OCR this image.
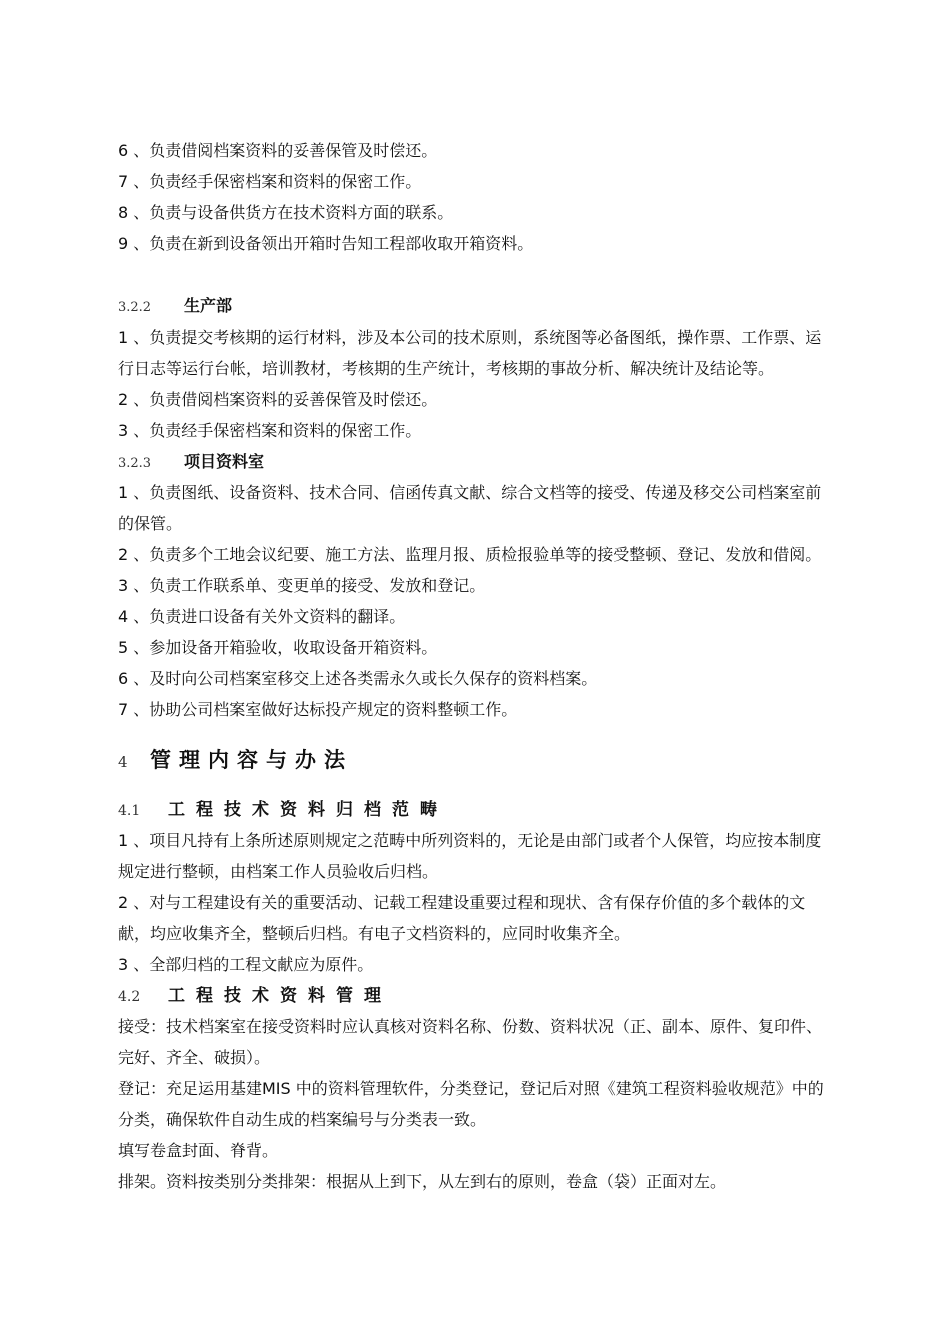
6 、负责借阅档案资料的妥善保管及时偿还。
7 、负责经手保密档案和资料的保密工作。
8 、负责与设备供货方在技术资料方面的联系。
9 、负责在新到设备领出开箱时告知工程部收取开箱资料。
3.2.2 生产部
1 、负责提交考核期的运行材料，涉及本公司的技术原则，系统图等必备图纸，操作票、工作票、运
行日志等运行台帐，培训教材，考核期的生产统计，考核期的事故分析、解决统计及结论等。
2 、负责借阅档案资料的妥善保管及时偿还。
3 、负责经手保密档案和资料的保密工作。
3.2.3 项目资料室
1 、负责图纸、设备资料、技术合同、信函传真文献、综合文档等的接受、传递及移交公司档案室前
的保管。
2 、负责多个工地会议纪要、施工方法、监理月报、质检报验单等的接受整顿、登记、发放和借阅。
3 、负责工作联系单、变更单的接受、发放和登记。
4 、负责进口设备有关外文资料的翻译。
5 、参加设备开箱验收，收取设备开箱资料。
6 、及时向公司档案室移交上述各类需永久或长久保存的资料档案。
7 、协助公司档案室做好达标投产规定的资料整顿工作。
4 管理内容与办法
4.1 工程技术资料归档范畴
1 、项目凡持有上条所述原则规定之范畴中所列资料的，无论是由部门或者个人保管，均应按本制度
规定进行整顿，由档案工作人员验收后归档。
2 、对与工程建设有关的重要活动、记载工程建设重要过程和现状、含有保存价值的多个载体的文
献，均应收集齐全，整顿后归档。有电子文档资料的，应同时收集齐全。
3 、全部归档的工程文献应为原件。
4.2 工程技术资料管理
接受：技术档案室在接受资料时应认真核对资料名称、份数、资料状况（正、副本、原件、复印件、
完好、齐全、破损）。
登记：充足运用基建MIS 中的资料管理软件，分类登记，登记后对照《建筑工程资料验收规范》中的
分类，确保软件自动生成的档案编号与分类表一致。
填写卷盒封面、脊背。
排架。资料按类别分类排架：根据从上到下，从左到右的原则，卷盒（袋）正面对左。
